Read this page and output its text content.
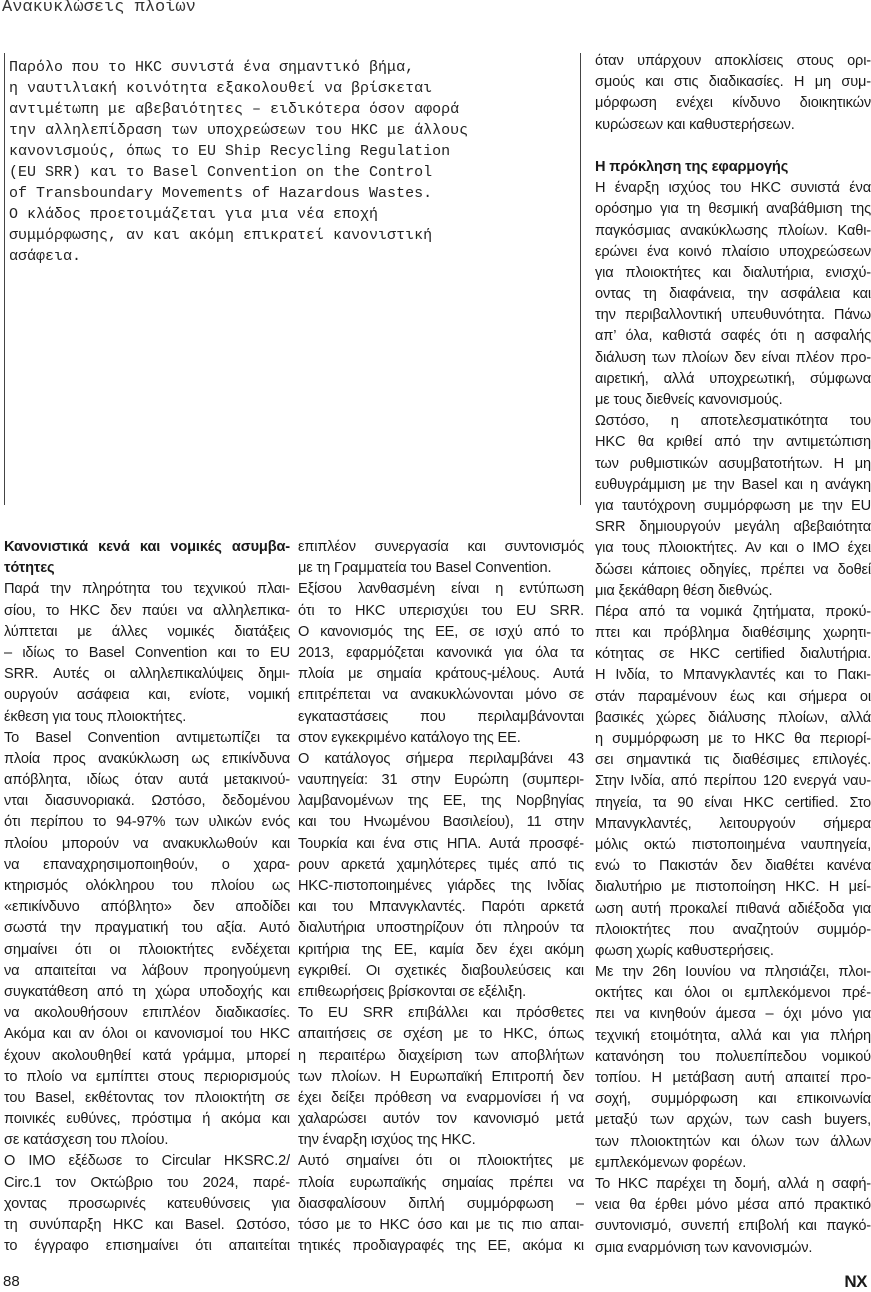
Ανακυκλώσεις πλοίων
Παρόλο που το HKC συνιστά ένα σημαντικό βήμα,
η ναυτιλιακή κοινότητα εξακολουθεί να βρίσκεται
αντιμέτωπη με αβεβαιότητες – ειδικότερα όσον αφορά
την αλληλεπίδραση των υποχρεώσεων του HKC με άλλους
κανονισμούς, όπως το EU Ship Recycling Regulation
(EU SRR) και το Basel Convention on the Control
of Transboundary Movements of Hazardous Wastes.
Ο κλάδος προετοιμάζεται για μια νέα εποχή
συμμόρφωσης, αν και ακόμη επικρατεί κανονιστική
ασάφεια.
Κανονιστικά κενά και νομικές ασυμβα-
τότητες
Παρά την πληρότητα του τεχνικού πλαι-
σίου, το HKC δεν παύει να αλληλεπικα-
λύπτεται με άλλες νομικές διατάξεις
– ιδίως το Basel Convention και το EU
SRR. Αυτές οι αλληλεπικαλύψεις δημι-
ουργούν ασάφεια και, ενίοτε, νομική
έκθεση για τους πλοιοκτήτες.
Το Basel Convention αντιμετωπίζει τα
πλοία προς ανακύκλωση ως επικίνδυνα
απόβλητα, ιδίως όταν αυτά μετακινού-
νται διασυνοριακά. Ωστόσο, δεδομένου
ότι περίπου το 94-97% των υλικών ενός
πλοίου μπορούν να ανακυκλωθούν και
να επαναχρησιμοποιηθούν, ο χαρα-
κτηρισμός ολόκληρου του πλοίου ως
«επικίνδυνο απόβλητο» δεν αποδίδει
σωστά την πραγματική του αξία. Αυτό
σημαίνει ότι οι πλοιοκτήτες ενδέχεται
να απαιτείται να λάβουν προηγούμενη
συγκατάθεση από τη χώρα υποδοχής και
να ακολουθήσουν επιπλέον διαδικασίες.
Ακόμα και αν όλοι οι κανονισμοί του HKC
έχουν ακολουθηθεί κατά γράμμα, μπορεί
το πλοίο να εμπίπτει στους περιορισμούς
του Basel, εκθέτοντας τον πλοιοκτήτη σε
ποινικές ευθύνες, πρόστιμα ή ακόμα και
σε κατάσχεση του πλοίου.
Ο IMO εξέδωσε το Circular HKSRC.2/
Circ.1 τον Οκτώβριο του 2024, παρέ-
χοντας προσωρινές κατευθύνσεις για
τη συνύπαρξη HKC και Basel. Ωστόσο,
το έγγραφο επισημαίνει ότι απαιτείται
επιπλέον συνεργασία και συντονισμός
με τη Γραμματεία του Basel Convention.
Εξίσου λανθασμένη είναι η εντύπωση
ότι το HKC υπερισχύει του EU SRR.
Ο κανονισμός της ΕΕ, σε ισχύ από το
2013, εφαρμόζεται κανονικά για όλα τα
πλοία με σημαία κράτους-μέλους. Αυτά
επιτρέπεται να ανακυκλώνονται μόνο σε
εγκαταστάσεις που περιλαμβάνονται
στον εγκεκριμένο κατάλογο της ΕΕ.
Ο κατάλογος σήμερα περιλαμβάνει 43
ναυπηγεία: 31 στην Ευρώπη (συμπερι-
λαμβανομένων της ΕΕ, της Νορβηγίας
και του Ηνωμένου Βασιλείου), 11 στην
Τουρκία και ένα στις ΗΠΑ. Αυτά προσφέ-
ρουν αρκετά χαμηλότερες τιμές από τις
HKC-πιστοποιημένες γιάρδες της Ινδίας
και του Μπανγκλαντές. Παρότι αρκετά
διαλυτήρια υποστηρίζουν ότι πληρούν τα
κριτήρια της ΕΕ, καμία δεν έχει ακόμη
εγκριθεί. Οι σχετικές διαβουλεύσεις και
επιθεωρήσεις βρίσκονται σε εξέλιξη.
Το EU SRR επιβάλλει και πρόσθετες
απαιτήσεις σε σχέση με το HKC, όπως
η περαιτέρω διαχείριση των αποβλήτων
των πλοίων. Η Ευρωπαϊκή Επιτροπή δεν
έχει δείξει πρόθεση να εναρμονίσει ή να
χαλαρώσει αυτόν τον κανονισμό μετά
την έναρξη ισχύος της HKC.
Αυτό σημαίνει ότι οι πλοιοκτήτες με
πλοία ευρωπαϊκής σημαίας πρέπει να
διασφαλίσουν διπλή συμμόρφωση –
τόσο με το HKC όσο και με τις πιο απαι-
τητικές προδιαγραφές της ΕΕ, ακόμα κι
όταν υπάρχουν αποκλίσεις στους ορι-
σμούς και στις διαδικασίες. Η μη συμ-
μόρφωση ενέχει κίνδυνο διοικητικών
κυρώσεων και καθυστερήσεων.
Η πρόκληση της εφαρμογής
Η έναρξη ισχύος του HKC συνιστά ένα
ορόσημο για τη θεσμική αναβάθμιση της
παγκόσμιας ανακύκλωσης πλοίων. Καθι-
ερώνει ένα κοινό πλαίσιο υποχρεώσεων
για πλοιοκτήτες και διαλυτήρια, ενισχύ-
οντας τη διαφάνεια, την ασφάλεια και
την περιβαλλοντική υπευθυνότητα. Πάνω
απ’ όλα, καθιστά σαφές ότι η ασφαλής
διάλυση των πλοίων δεν είναι πλέον προ-
αιρετική, αλλά υποχρεωτική, σύμφωνα
με τους διεθνείς κανονισμούς.
Ωστόσο, η αποτελεσματικότητα του
HKC θα κριθεί από την αντιμετώπιση
των ρυθμιστικών ασυμβατοτήτων. Η μη
ευθυγράμμιση με την Basel και η ανάγκη
για ταυτόχρονη συμμόρφωση με την EU
SRR δημιουργούν μεγάλη αβεβαιότητα
για τους πλοιοκτήτες. Αν και ο IMO έχει
δώσει κάποιες οδηγίες, πρέπει να δοθεί
μια ξεκάθαρη θέση διεθνώς.
Πέρα από τα νομικά ζητήματα, προκύ-
πτει και πρόβλημα διαθέσιμης χωρητι-
κότητας σε HKC certified διαλυτήρια.
Η Ινδία, το Μπανγκλαντές και το Πακι-
στάν παραμένουν έως και σήμερα οι
βασικές χώρες διάλυσης πλοίων, αλλά
η συμμόρφωση με το HKC θα περιορί-
σει σημαντικά τις διαθέσιμες επιλογές.
Στην Ινδία, από περίπου 120 ενεργά ναυ-
πηγεία, τα 90 είναι HKC certified. Στο
Μπανγκλαντές, λειτουργούν σήμερα
μόλις οκτώ πιστοποιημένα ναυπηγεία,
ενώ το Πακιστάν δεν διαθέτει κανένα
διαλυτήριο με πιστοποίηση HKC. Η μεί-
ωση αυτή προκαλεί πιθανά αδιέξοδα για
πλοιοκτήτες που αναζητούν συμμόρ-
φωση χωρίς καθυστερήσεις.
Με την 26η Ιουνίου να πλησιάζει, πλοι-
οκτήτες και όλοι οι εμπλεκόμενοι πρέ-
πει να κινηθούν άμεσα – όχι μόνο για
τεχνική ετοιμότητα, αλλά και για πλήρη
κατανόηση του πολυεπίπεδου νομικού
τοπίου. Η μετάβαση αυτή απαιτεί προ-
σοχή, συμμόρφωση και επικοινωνία
μεταξύ των αρχών, των cash buyers,
των πλοιοκτητών και όλων των άλλων
εμπλεκόμενων φορέων.
Το HKC παρέχει τη δομή, αλλά η σαφή-
νεια θα έρθει μόνο μέσα από πρακτικό
συντονισμό, συνεπή επιβολή και παγκό-
σμια εναρμόνιση των κανονισμών.
88	NX
